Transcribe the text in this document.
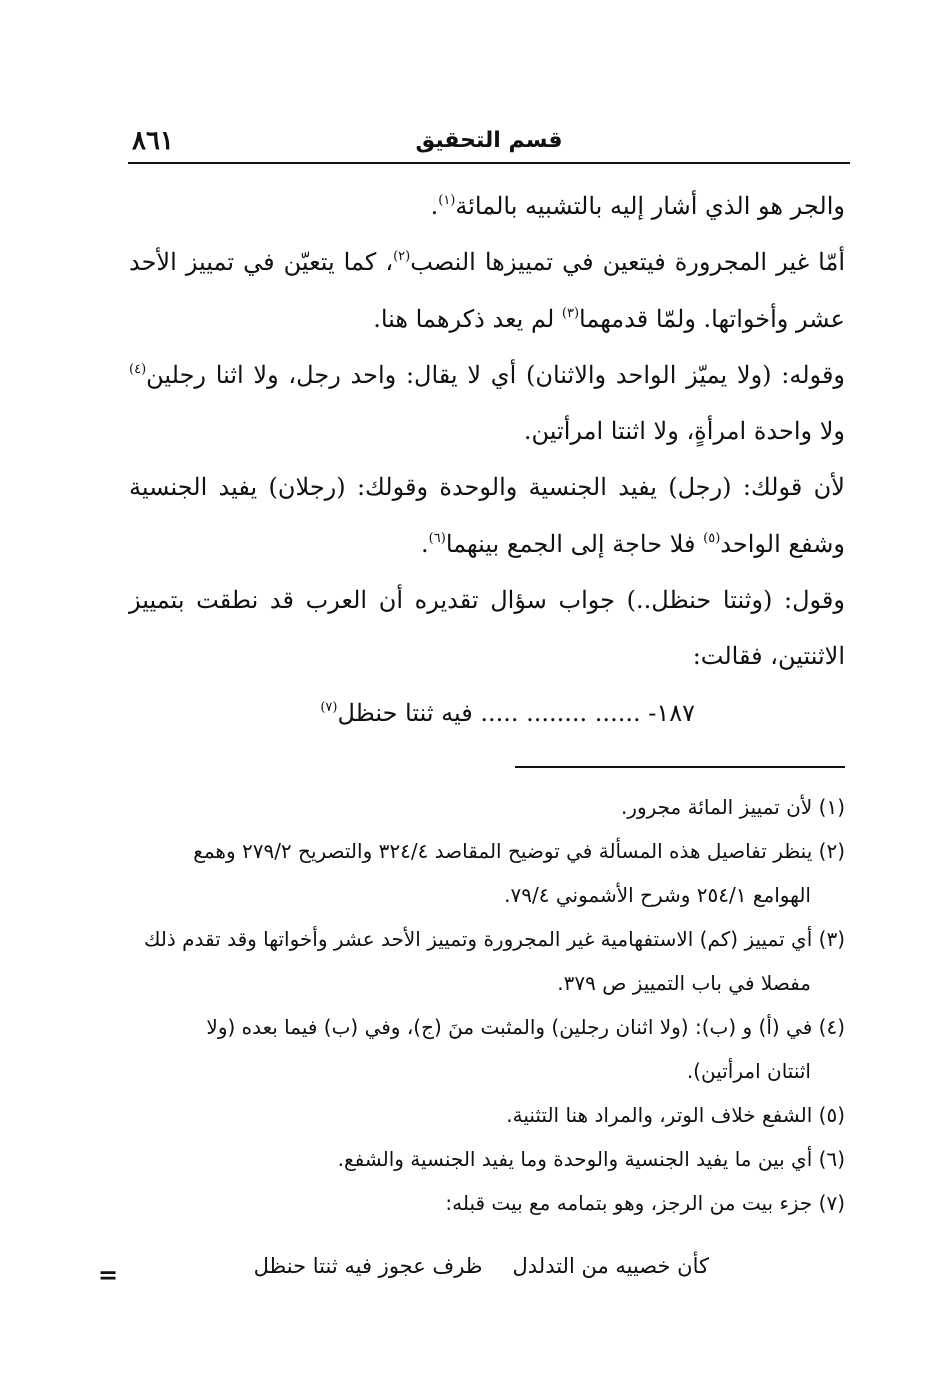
قسم التحقيق
٨٦١

والجر هو الذي أشار إليه بالتشبيه بالمائة$^{(١)}$.

أمّا غير المجرورة فيتعين في تمييزها النصب$^{(٢)}$، كما يتعيّن في تمييز الأحد عشر وأخواتها. ولمّا قدمهما$^{(٣)}$ لم يعد ذكرهما هنا.

وقوله: (ولا يميّز الواحد والاثنان) أي لا يقال: واحد رجل، ولا اثنا رجلين$^{(٤)}$ ولا واحدة امرأةٍ، ولا اثنتا امرأتين.

لأن قولك: (رجل) يفيد الجنسية والوحدة وقولك: (رجلان) يفيد الجنسية وشفع الواحد$^{(٥)}$ فلا حاجة إلى الجمع بينهما$^{(٦)}$.

وقول: (وثنتا حنظل..) جواب سؤال تقديره أن العرب قد نطقت بتمييز الاثنتين، فقالت:

١٨٧- ...... ........ ..... فيه ثنتا حنظل$^{(٧)}$

(١) لأن تمييز المائة مجرور.

(٢) ينظر تفاصيل هذه المسألة في توضيح المقاصد ٣٢٤/٤ والتصريح ٢٧٩/٢ وهمع

الهوامع ٢٥٤/١ وشرح الأشموني ٧٩/٤.

(٣) أي تمييز (كم) الاستفهامية غير المجرورة وتمييز الأحد عشر وأخواتها وقد تقدم ذلك

مفصلا في باب التمييز ص ٣٧٩.

(٤) في (أ) و (ب): (ولا اثنان رجلين) والمثبت منَ (ج)، وفي (ب) فيما بعده (ولا

اثنتان امرأتين).

(٥) الشفع خلاف الوتر، والمراد هنا التثنية.

(٦) أي بين ما يفيد الجنسية والوحدة وما يفيد الجنسية والشفع.

(٧) جزء بيت من الرجز، وهو بتمامه مع بيت قبله:

كأن خصييه من التدلدلظرف عجوز فيه ثنتا حنظل
=
